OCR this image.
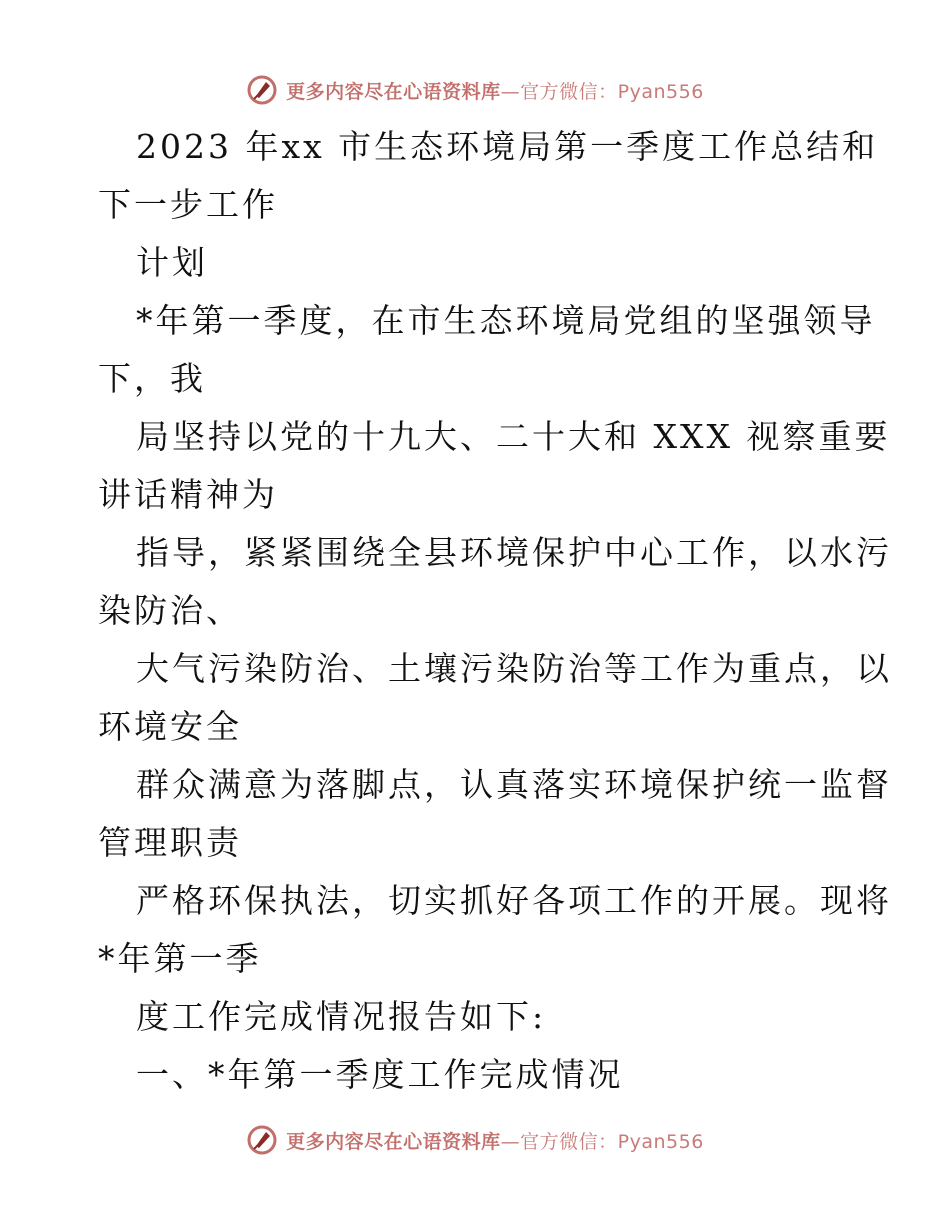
更多内容尽在心语资料库—官方微信：Pyan556
2023 年xx 市生态环境局第一季度工作总结和
下一步工作
计划
*年第一季度，在市生态环境局党组的坚强领导
下，我
局坚持以党的十九大、二十大和 XXX 视察重要
讲话精神为
指导，紧紧围绕全县环境保护中心工作，以水污
染防治、
大气污染防治、土壤污染防治等工作为重点，以
环境安全
群众满意为落脚点，认真落实环境保护统一监督
管理职责
严格环保执法，切实抓好各项工作的开展。现将
*年第一季
度工作完成情况报告如下:
一、*年第一季度工作完成情况
更多内容尽在心语资料库—官方微信：Pyan556
